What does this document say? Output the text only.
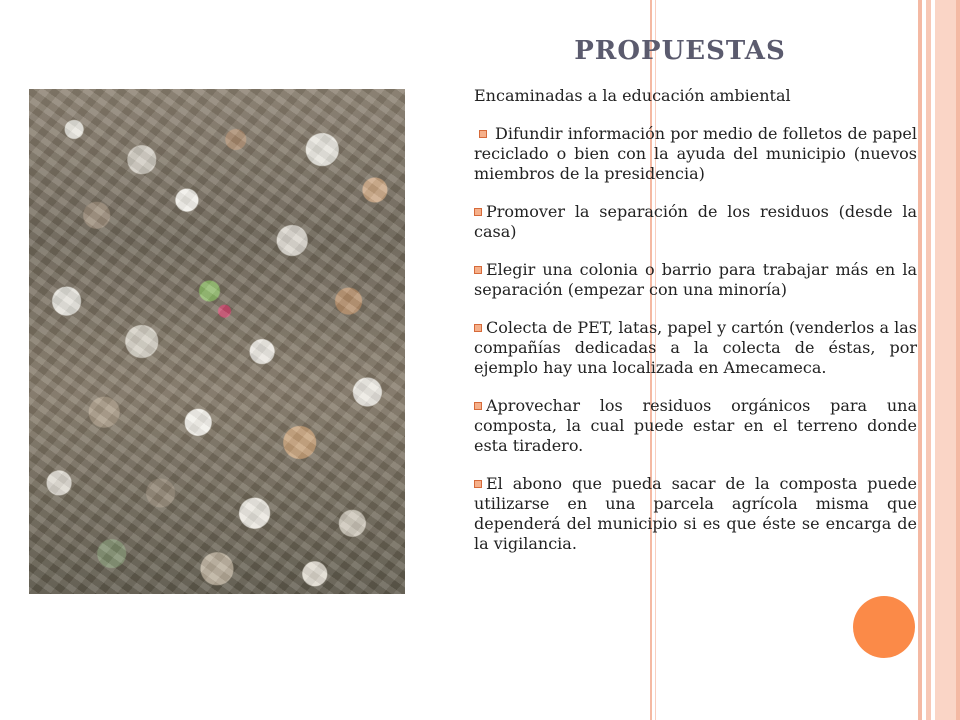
PROPUESTAS

Encaminadas a la educación ambiental

Difundir información por medio de folletos de papel reciclado o bien con la ayuda del municipio (nuevos miembros de la presidencia)

Promover la separación de los residuos (desde la casa)

Elegir una colonia o barrio para trabajar más en la separación (empezar con una minoría)

Colecta de PET, latas, papel y cartón (venderlos a las compañías dedicadas a la colecta de éstas, por ejemplo hay una localizada en Amecameca.

Aprovechar los residuos orgánicos para una composta, la cual puede estar en el terreno donde esta tiradero.

El abono que pueda sacar de la composta puede utilizarse en una parcela agrícola misma que dependerá del municipio si es que éste se encarga de la vigilancia.
